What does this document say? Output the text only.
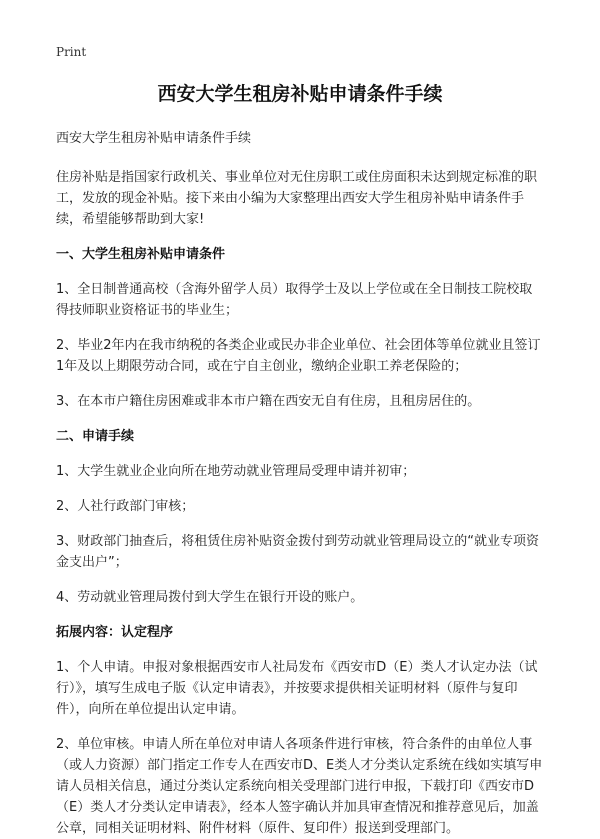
Print
西安大学生租房补贴申请条件手续
西安大学生租房补贴申请条件手续
住房补贴是指国家行政机关、事业单位对无住房职工或住房面积未达到规定标准的职工，发放的现金补贴。接下来由小编为大家整理出西安大学生租房补贴申请条件手续，希望能够帮助到大家!
一、大学生租房补贴申请条件
1、全日制普通高校（含海外留学人员）取得学士及以上学位或在全日制技工院校取得技师职业资格证书的毕业生；
2、毕业2年内在我市纳税的各类企业或民办非企业单位、社会团体等单位就业且签订1年及以上期限劳动合同，或在宁自主创业，缴纳企业职工养老保险的；
3、在本市户籍住房困难或非本市户籍在西安无自有住房，且租房居住的。
二、申请手续
1、大学生就业企业向所在地劳动就业管理局受理申请并初审；
2、人社行政部门审核；
3、财政部门抽查后，将租赁住房补贴资金拨付到劳动就业管理局设立的“就业专项资金支出户”；
4、劳动就业管理局拨付到大学生在银行开设的账户。
拓展内容：认定程序
1、个人申请。申报对象根据西安市人社局发布《西安市D（E）类人才认定办法（试行）》，填写生成电子版《认定申请表》，并按要求提供相关证明材料（原件与复印件），向所在单位提出认定申请。
2、单位审核。申请人所在单位对申请人各项条件进行审核，符合条件的由单位人事（或人力资源）部门指定工作专人在西安市D、E类人才分类认定系统在线如实填写申请人员相关信息，通过分类认定系统向相关受理部门进行申报，下载打印《西安市D（E）类人才分类认定申请表》，经本人签字确认并加具审查情况和推荐意见后，加盖公章，同相关证明材料、附件材料（原件、复印件）报送到受理部门。
